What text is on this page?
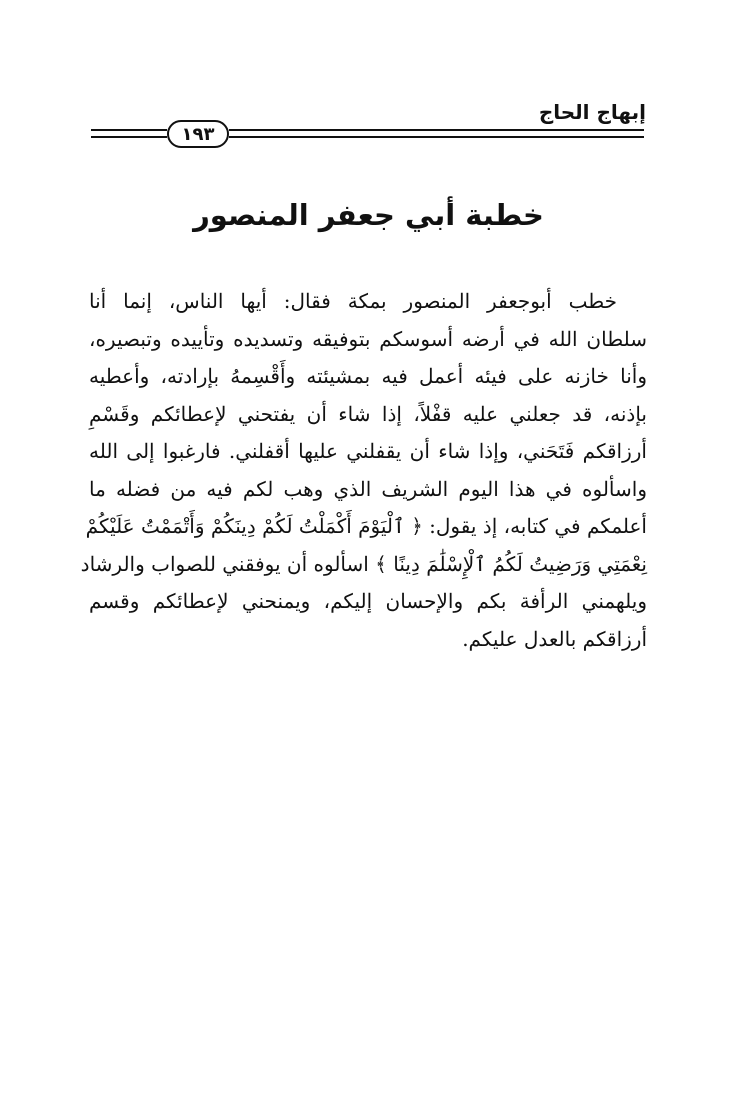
إبهاج الحاج
١٩٣
خطبة أبي جعفر المنصور
خطب أبوجعفر المنصور بمكة فقال: أيها الناس، إنما أنا
سلطان الله في أرضه أسوسكم بتوفيقه وتسديده وتأييده وتبصيره،
وأنا خازنه على فيئه أعمل فيه بمشيئته وأَقْسِمهُ بإرادته، وأعطيه
بإذنه، قد جعلني عليه قفْلاً، إذا شاء أن يفتحني لإعطائكم وقَسْمِ
أرزاقكم فَتَحَني، وإذا شاء أن يقفلني عليها أقفلني. فارغبوا إلى الله
واسألوه في هذا اليوم الشريف الذي وهب لكم فيه من فضله ما
أعلمكم في كتابه، إذ يقول: ﴿ ٱلْيَوْمَ أَكْمَلْتُ لَكُمْ دِينَكُمْ وَأَتْمَمْتُ عَلَيْكُمْ
نِعْمَتِي وَرَضِيتُ لَكُمُ ٱلْإِسْلَٰمَ دِينًا ﴾ اسألوه أن يوفقني للصواب والرشاد
ويلهمني الرأفة بكم والإحسان إليكم، ويمنحني لإعطائكم وقسم
أرزاقكم بالعدل عليكم.
